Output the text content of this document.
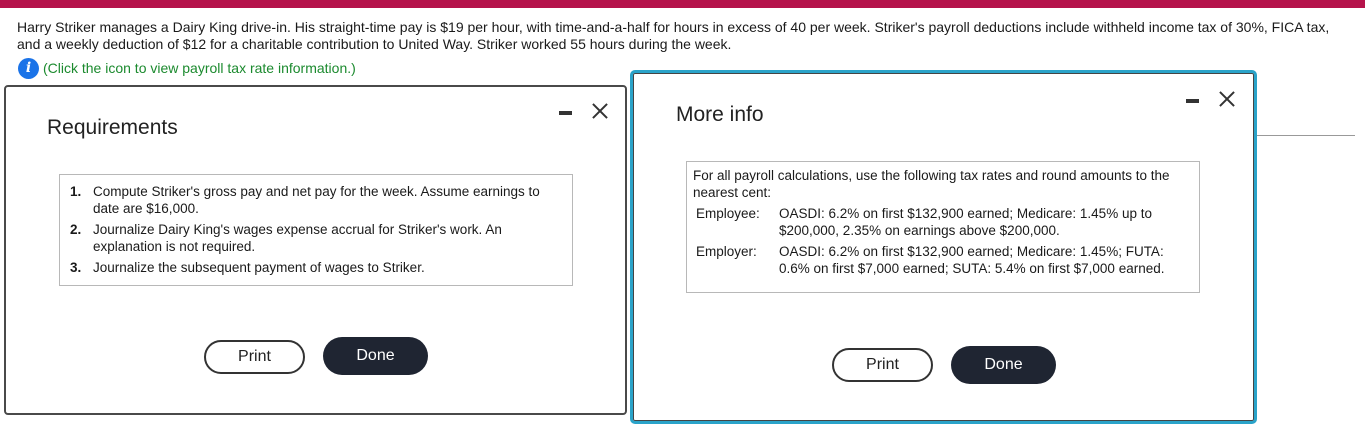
Harry Striker manages a Dairy King drive-in. His straight-time pay is $19 per hour, with time-and-a-half for hours in excess of 40 per week. Striker's payroll deductions include withheld income tax of 30%, FICA tax, and a weekly deduction of $12 for a charitable contribution to United Way. Striker worked 55 hours during the week.

i (Click the icon to view payroll tax rate information.)
Requirements
1. Compute Striker's gross pay and net pay for the week. Assume earnings to date are $16,000.
2. Journalize Dairy King's wages expense accrual for Striker's work. An explanation is not required.
3. Journalize the subsequent payment of wages to Striker.
Print	Done
More info

For all payroll calculations, use the following tax rates and round amounts to the nearest cent:

Employee:	OASDI: 6.2% on first $132,900 earned; Medicare: 1.45% up to $200,000, 2.35% on earnings above $200,000.
Employer:	OASDI: 6.2% on first $132,900 earned; Medicare: 1.45%; FUTA: 0.6% on first $7,000 earned; SUTA: 5.4% on first $7,000 earned.
Print	Done
